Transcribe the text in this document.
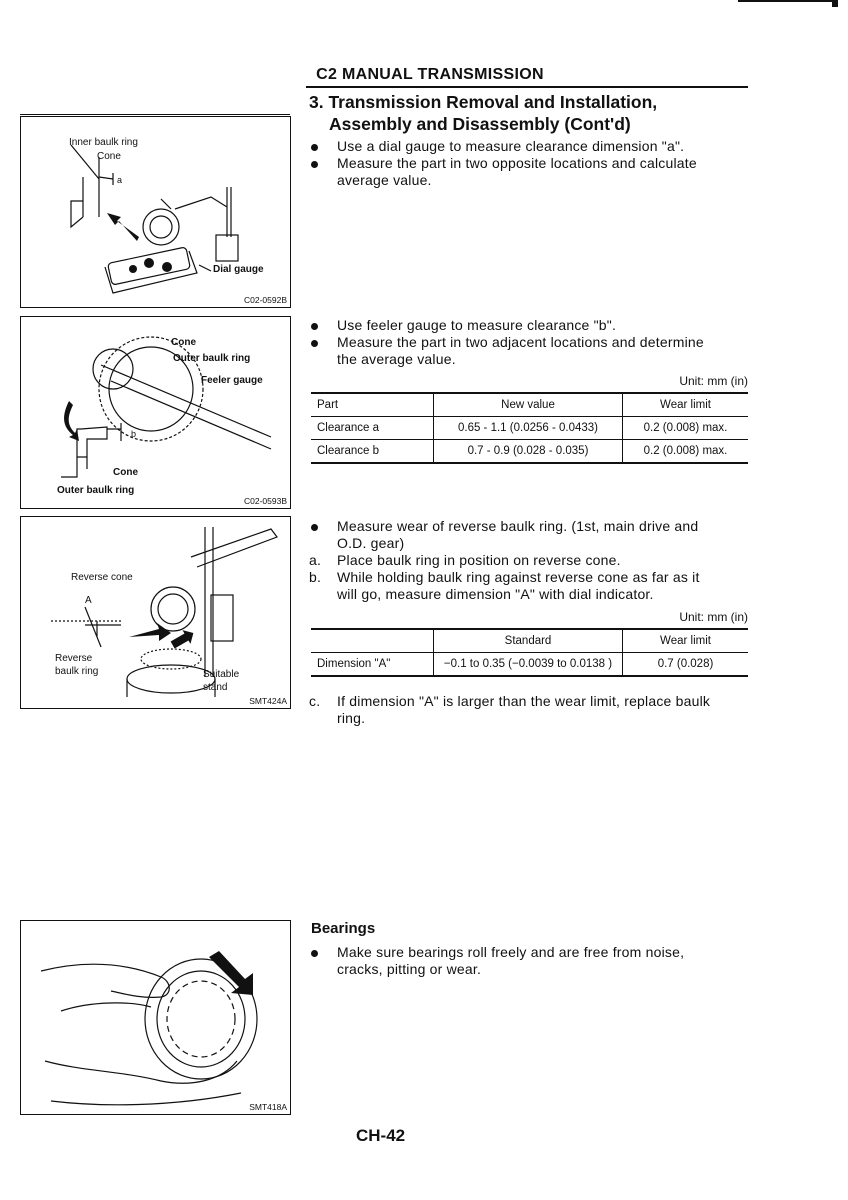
C2 MANUAL TRANSMISSION
3. Transmission Removal and Installation,
Assembly and Disassembly (Cont'd)
Use a dial gauge to measure clearance dimension "a".
Measure the part in two opposite locations and calculate
average value.
Inner baulk ring
Cone
a
Dial gauge
C02-0592B
Use feeler gauge to measure clearance "b".
Measure the part in two adjacent locations and determine
the average value.
Unit: mm (in)
Part	New value	Wear limit
Clearance a	0.65 - 1.1 (0.0256 - 0.0433)	0.2 (0.008) max.
Clearance b	0.7 - 0.9 (0.028 - 0.035)	0.2 (0.008) max.
Cone
Outer baulk ring
Feeler gauge
b
Cone
Outer baulk ring
C02-0593B
Measure wear of reverse baulk ring. (1st, main drive and
O.D. gear)
a. Place baulk ring in position on reverse cone.
b. While holding baulk ring against reverse cone as far as it
will go, measure dimension "A" with dial indicator.
Unit: mm (in)
	Standard	Wear limit
Dimension "A"	−0.1 to 0.35 (−0.0039 to 0.0138 )	0.7 (0.028)
c. If dimension "A" is larger than the wear limit, replace baulk
ring.
Reverse cone
A
Reverse
baulk ring	Suitable
stand
SMT424A
Bearings
Make sure bearings roll freely and are free from noise,
cracks, pitting or wear.
SMT418A
CH-42
